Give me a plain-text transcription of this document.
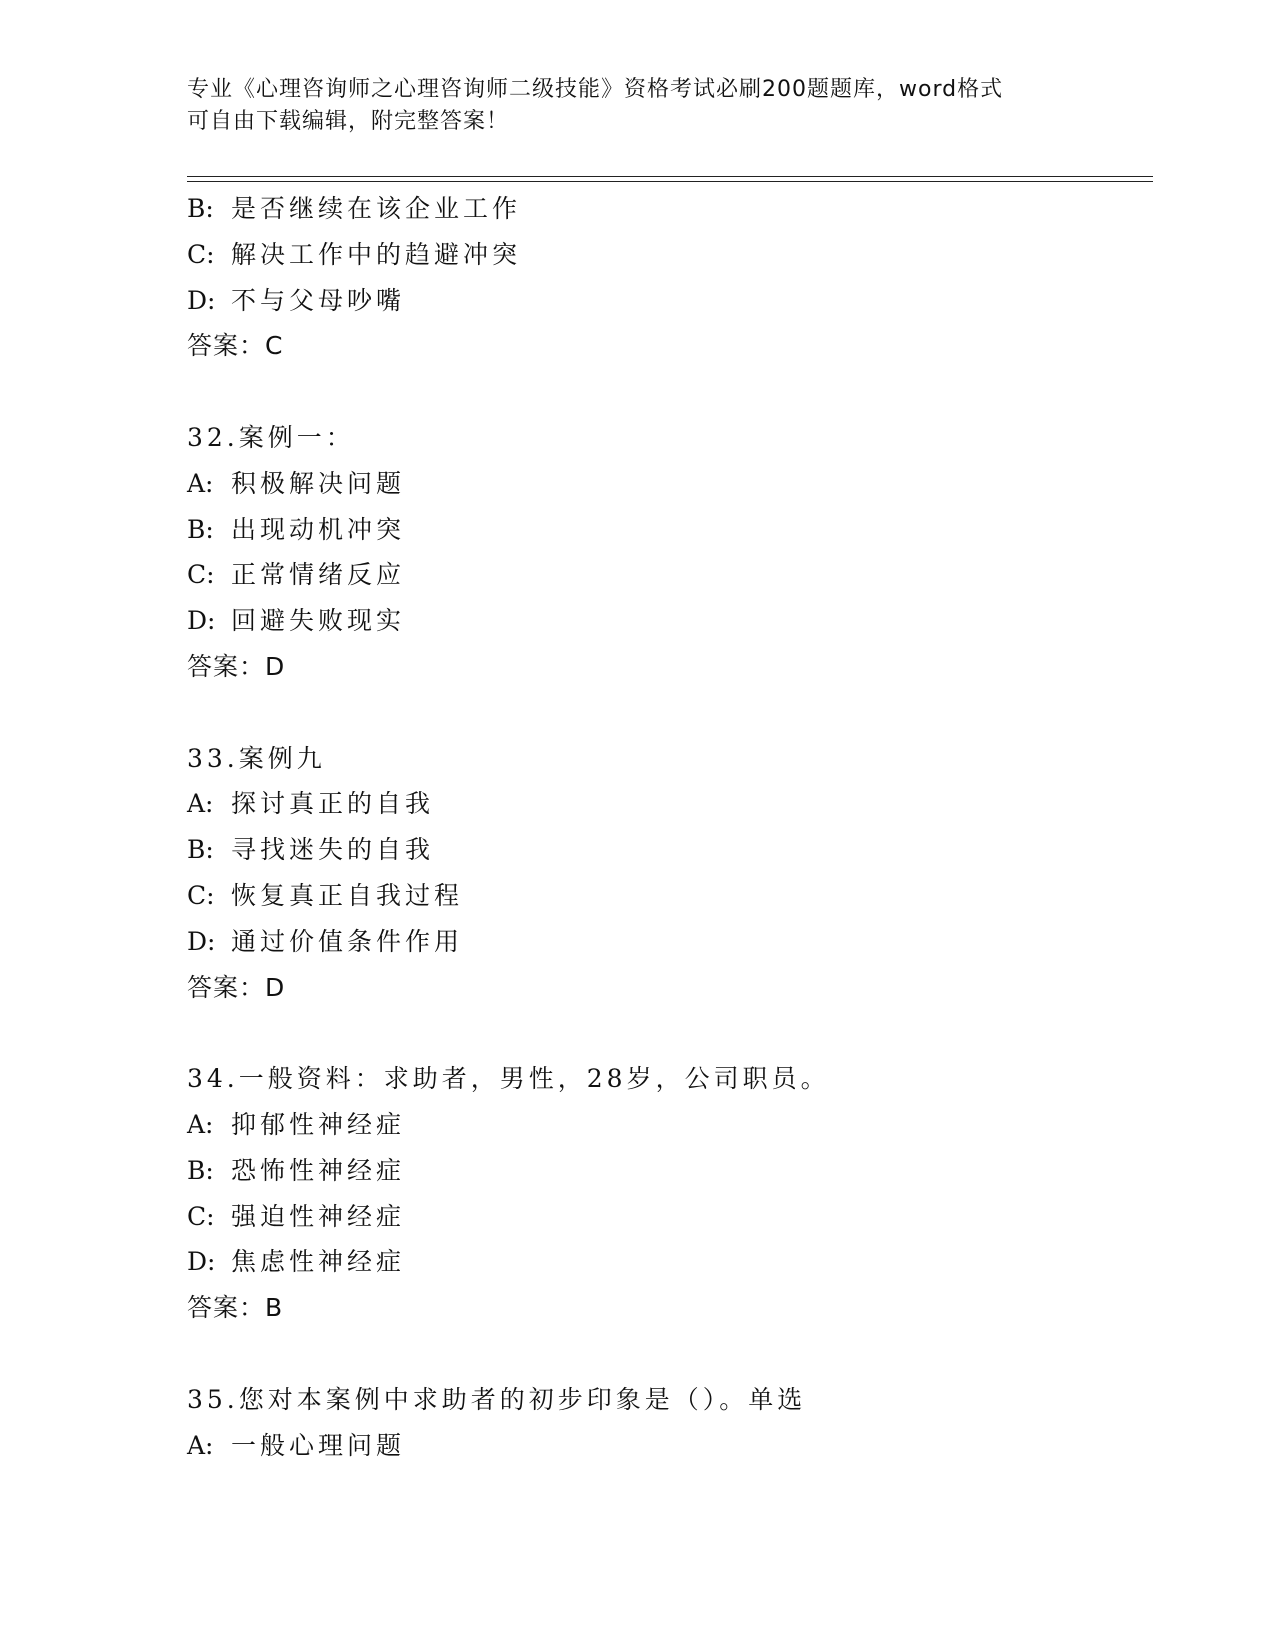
专业《心理咨询师之心理咨询师二级技能》资格考试必刷200题题库，word格式
可自由下载编辑，附完整答案！
B: 是否继续在该企业工作
C: 解决工作中的趋避冲突
D: 不与父母吵嘴
答案：C
32.案例一：
A: 积极解决问题
B: 出现动机冲突
C: 正常情绪反应
D: 回避失败现实
答案：D
33.案例九
A: 探讨真正的自我
B: 寻找迷失的自我
C: 恢复真正自我过程
D: 通过价值条件作用
答案：D
34.一般资料：求助者，男性，28岁，公司职员。
A: 抑郁性神经症
B: 恐怖性神经症
C: 强迫性神经症
D: 焦虑性神经症
答案：B
35.您对本案例中求助者的初步印象是（）。单选
A: 一般心理问题
